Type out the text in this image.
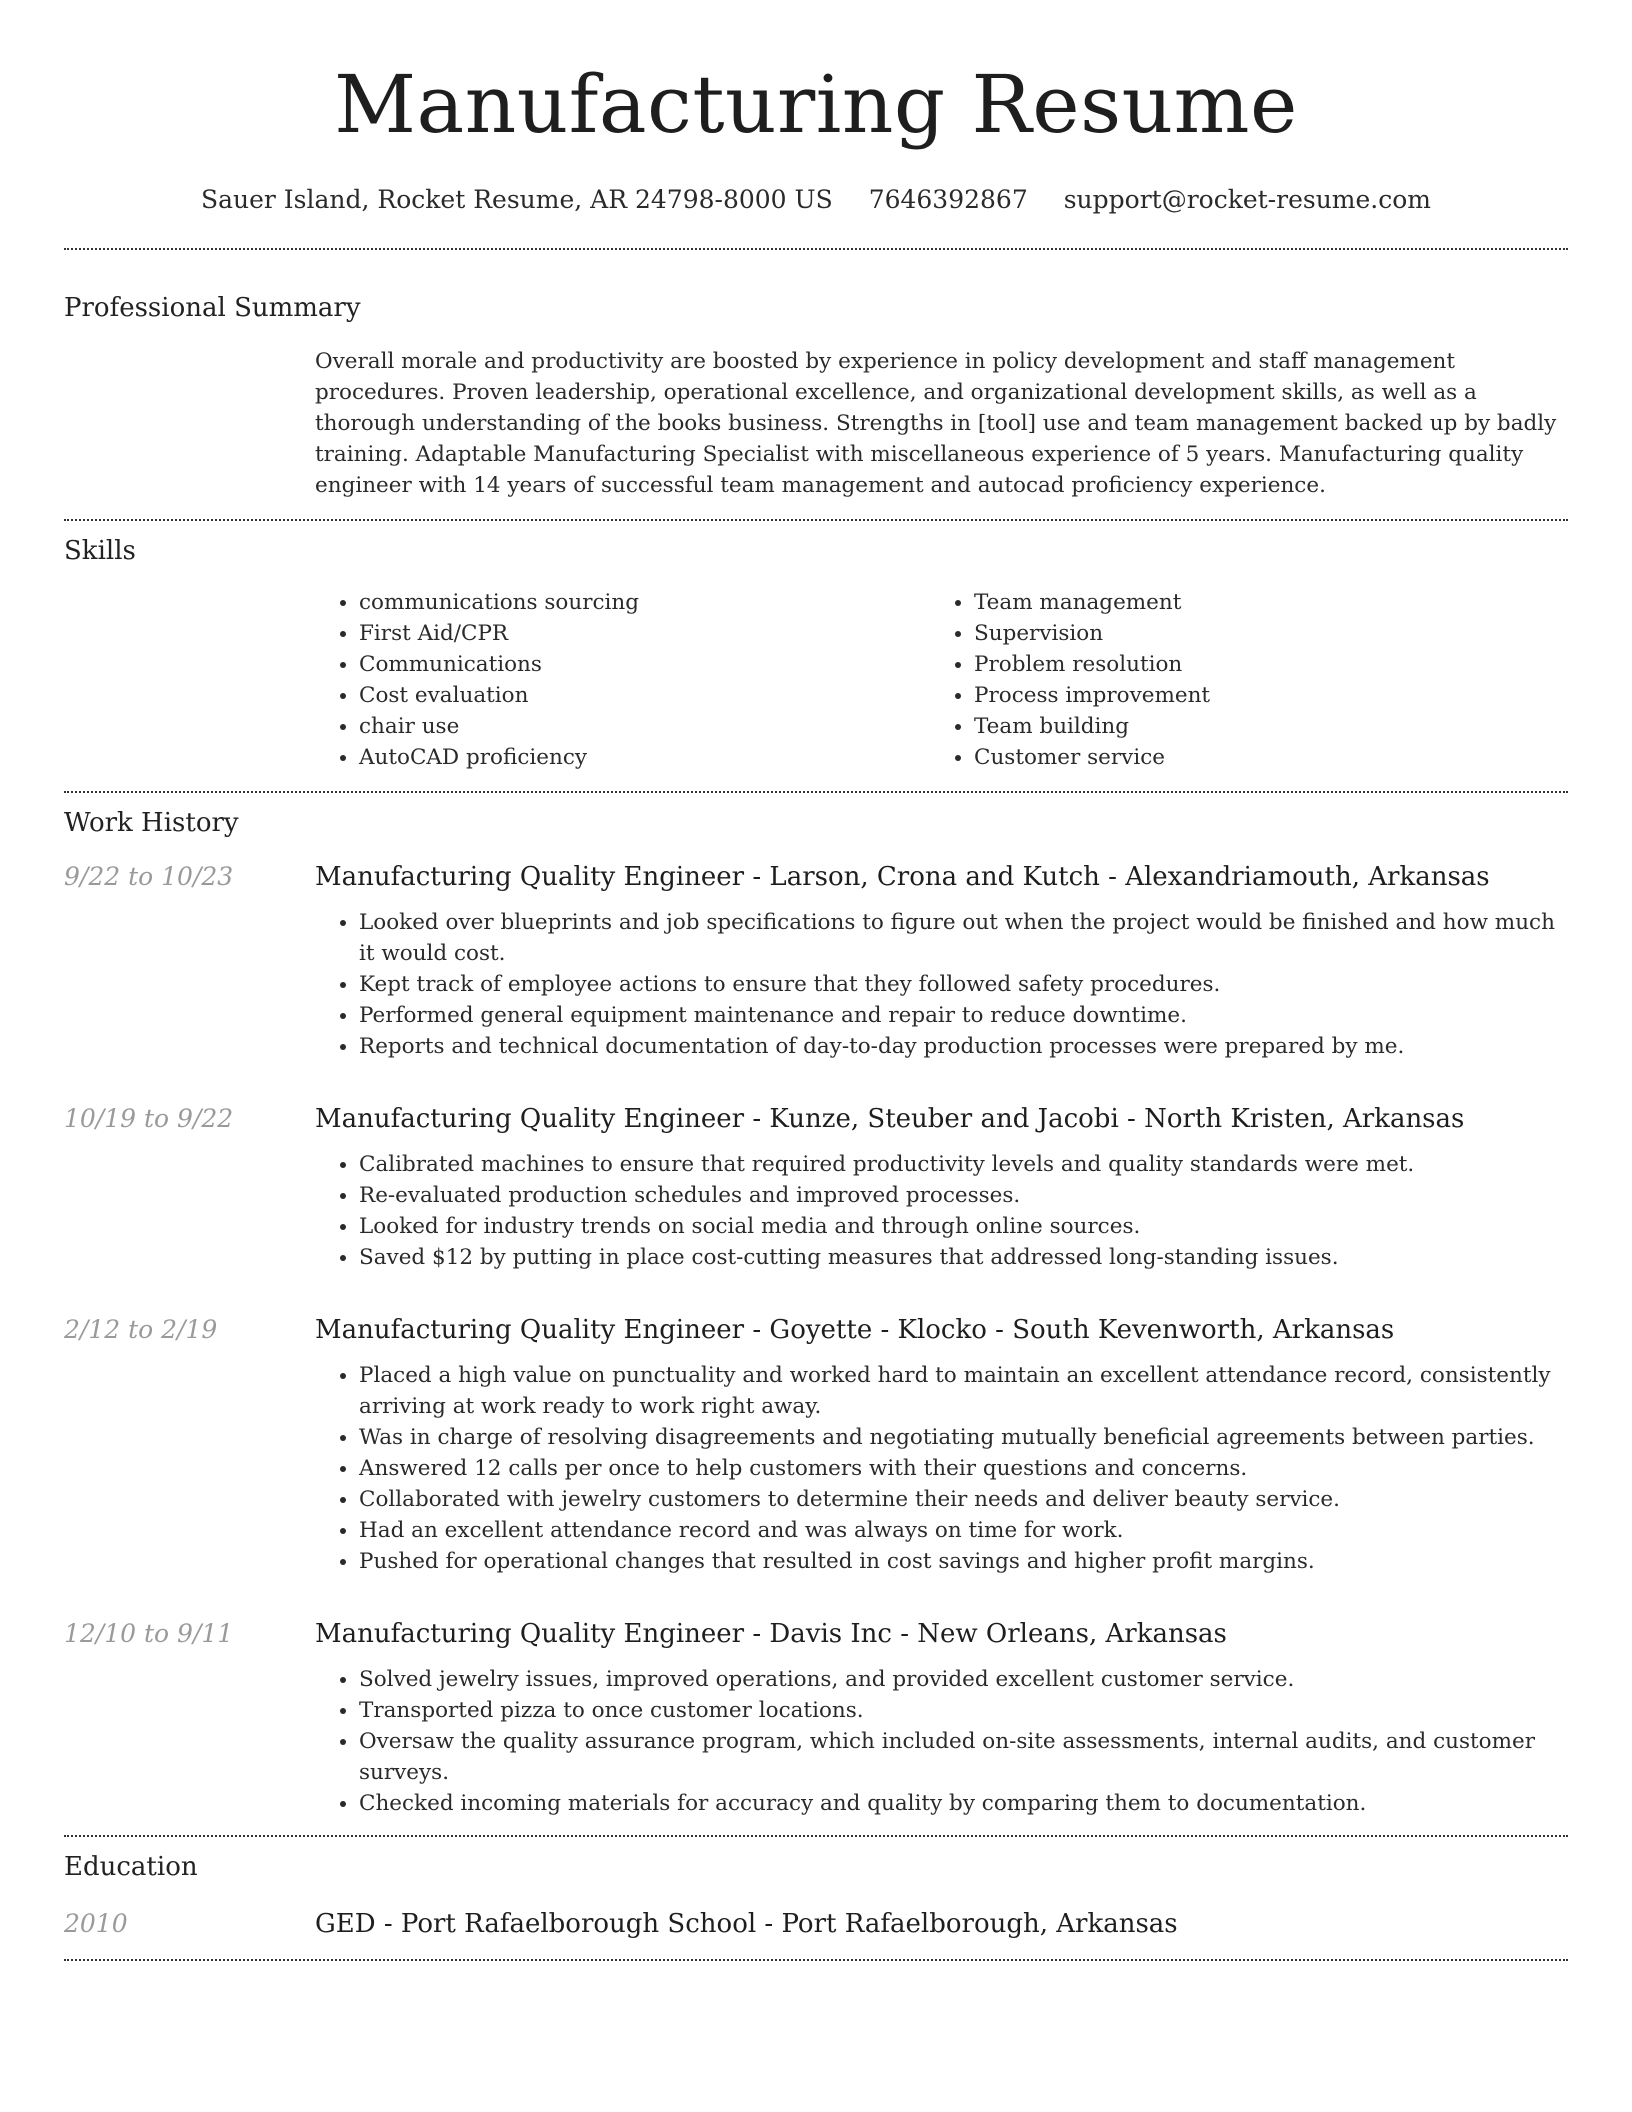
Manufacturing Resume
Sauer Island, Rocket Resume, AR 24798-8000 US 7646392867 support@rocket-resume.com
Professional Summary
Overall morale and productivity are boosted by experience in policy development and staff management procedures. Proven leadership, operational excellence, and organizational development skills, as well as a thorough understanding of the books business. Strengths in [tool] use and team management backed up by badly training. Adaptable Manufacturing Specialist with miscellaneous experience of 5 years. Manufacturing quality engineer with 14 years of successful team management and autocad proficiency experience.
Skills
• communications sourcing
• First Aid/CPR
• Communications
• Cost evaluation
• chair use
• AutoCAD proficiency
• Team management
• Supervision
• Problem resolution
• Process improvement
• Team building
• Customer service
Work History
9/22 to 10/23	Manufacturing Quality Engineer - Larson, Crona and Kutch - Alexandriamouth, Arkansas
• Looked over blueprints and job specifications to figure out when the project would be finished and how much it would cost.
• Kept track of employee actions to ensure that they followed safety procedures.
• Performed general equipment maintenance and repair to reduce downtime.
• Reports and technical documentation of day-to-day production processes were prepared by me.
10/19 to 9/22	Manufacturing Quality Engineer - Kunze, Steuber and Jacobi - North Kristen, Arkansas
• Calibrated machines to ensure that required productivity levels and quality standards were met.
• Re-evaluated production schedules and improved processes.
• Looked for industry trends on social media and through online sources.
• Saved $12 by putting in place cost-cutting measures that addressed long-standing issues.
2/12 to 2/19	Manufacturing Quality Engineer - Goyette - Klocko - South Kevenworth, Arkansas
• Placed a high value on punctuality and worked hard to maintain an excellent attendance record, consistently arriving at work ready to work right away.
• Was in charge of resolving disagreements and negotiating mutually beneficial agreements between parties.
• Answered 12 calls per once to help customers with their questions and concerns.
• Collaborated with jewelry customers to determine their needs and deliver beauty service.
• Had an excellent attendance record and was always on time for work.
• Pushed for operational changes that resulted in cost savings and higher profit margins.
12/10 to 9/11	Manufacturing Quality Engineer - Davis Inc - New Orleans, Arkansas
• Solved jewelry issues, improved operations, and provided excellent customer service.
• Transported pizza to once customer locations.
• Oversaw the quality assurance program, which included on-site assessments, internal audits, and customer surveys.
• Checked incoming materials for accuracy and quality by comparing them to documentation.
Education
2010	GED - Port Rafaelborough School - Port Rafaelborough, Arkansas
